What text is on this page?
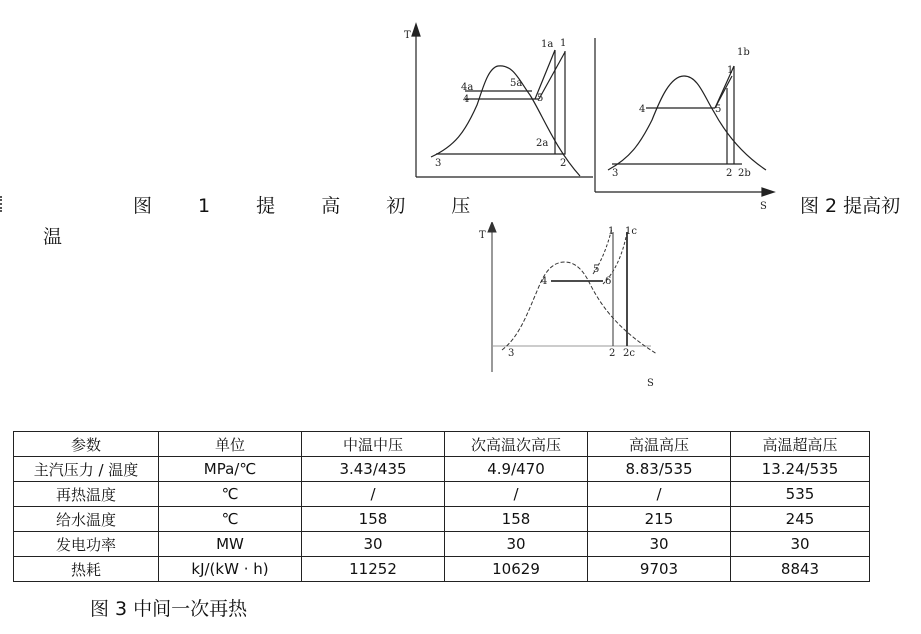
T
1a 1
4a	5a
4	5
2a
3	2
1b
1
4	5
3	2 2b
S
T	1 1c
4
5
6
3	2 2c
S
图 1 提 高 初 压
温
图 2 提高初
参数	单位	中温中压	次高温次高压	高温高压	高温超高压
主汽压力 / 温度	MPa/℃	3.43/435	4.9/470	8.83/535	13.24/535
再热温度	℃	/	/	/	535
给水温度	℃	158	158	215	245
发电功率	MW	30	30	30	30
热耗	kJ/(kW · h)	11252	10629	9703	8843
图 3 中间一次再热
